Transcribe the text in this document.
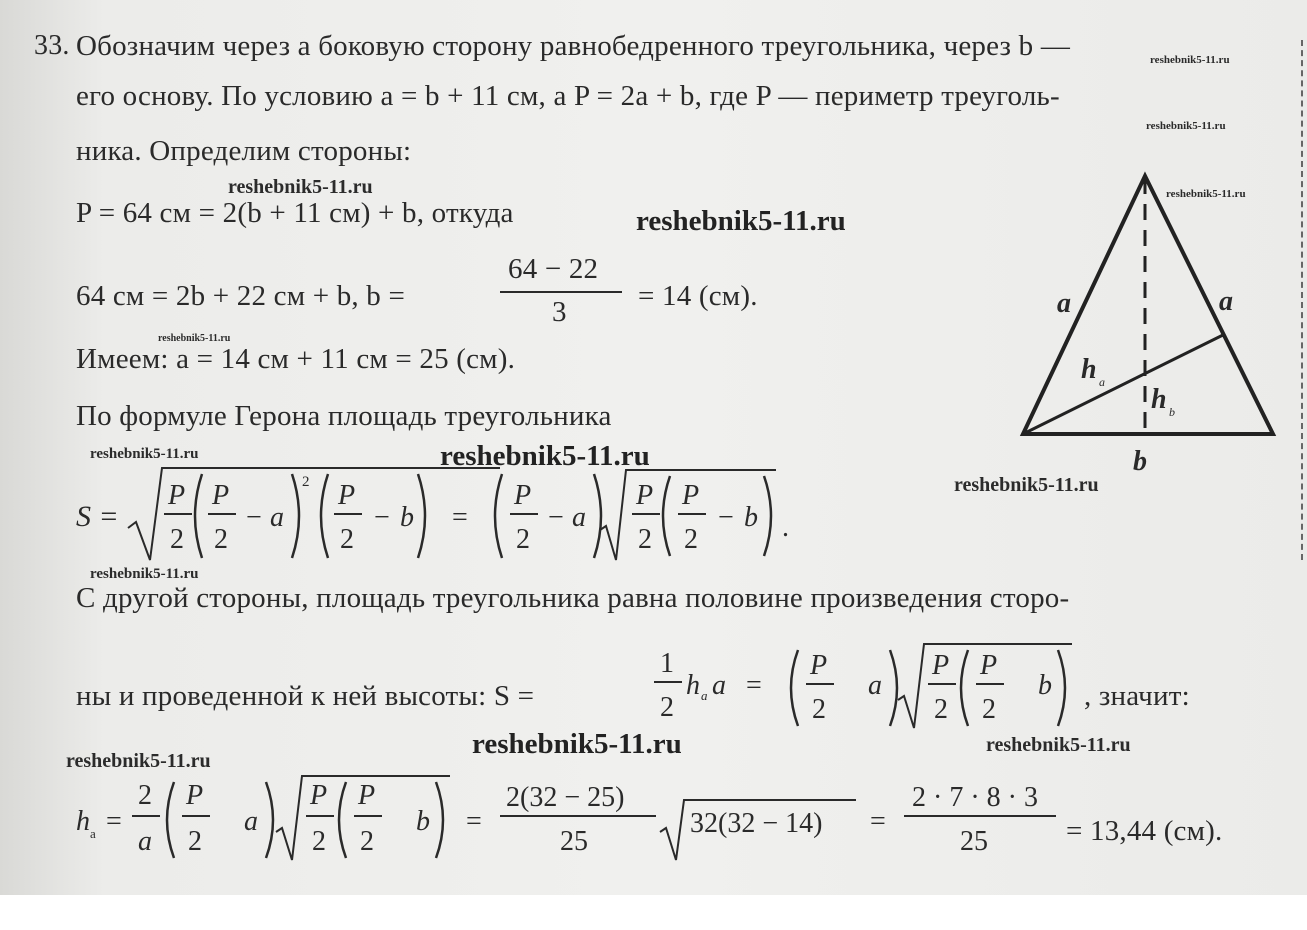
33. Обозначим через a боковую сторону равнобедренного треугольника, через b —
его основу. По условию a = b + 11 см, а P = 2a + b, где P — периметр треуголь-
ника. Определим стороны:
P = 64 см = 2(b + 11 см) + b, откуда
64 см = 2b + 22 см + b, b =
64 − 22
3 = 14 (см).
Имеем: a = 14 см + 11 см = 25 (см).
По формуле Герона площадь треугольника
S =
P
2
P
2
− a
2 P
2
− b =
P
2
− a
P
2
P
2
− b .
С другой стороны, площадь треугольника равна половине произведения сторо-
ны и проведенной к ней высоты: S =
1
2
h a a =
P
2
a
P
2
P
2
b , значит:
h a =
2
a
P
2
a
P
2
P
2
b =
2(32 − 25)
25
32(32 − 14) =
2 · 7 · 8 · 3
25	= 13,44 (см).
a	a
h a
h b
b
reshebnik5-11.ru
reshebnik5-11.ru
reshebnik5-11.ru	reshebnik5-11.ru
reshebnik5-11.ru
reshebnik5-11.ru
reshebnik5-11.ru	reshebnik5-11.ru
reshebnik5-11.ru
reshebnik5-11.ru
reshebnik5-11.ru	reshebnik5-11.ru
reshebnik5-11.ru
